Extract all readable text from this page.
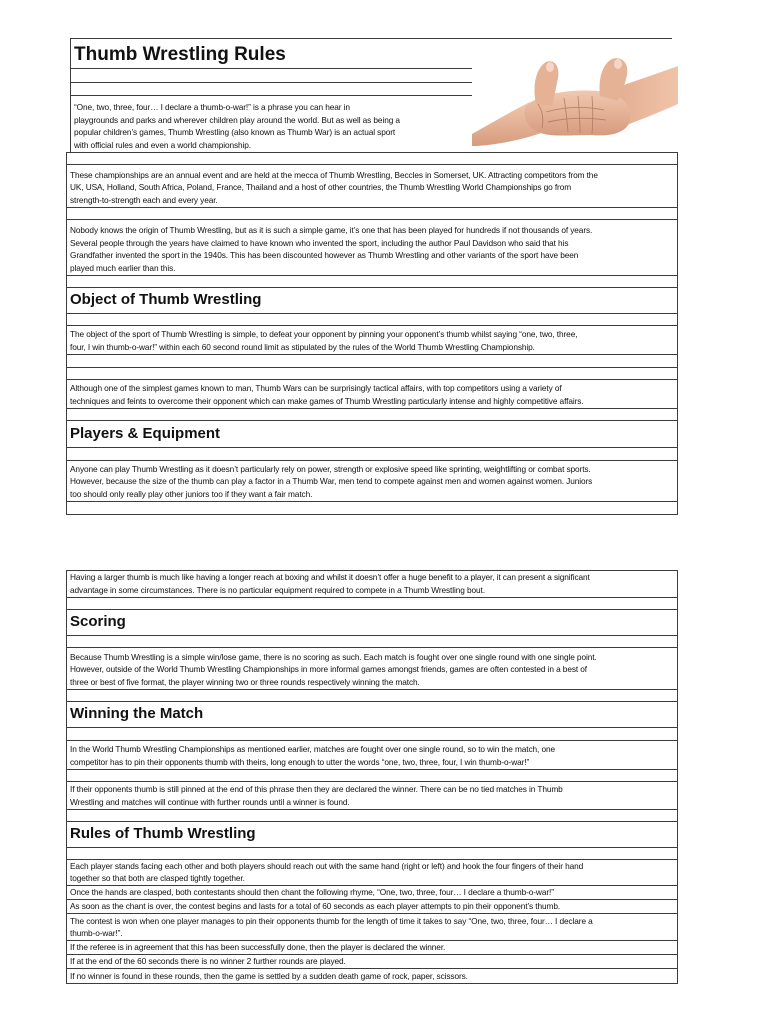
Thumb Wrestling Rules
“One, two, three, four… I declare a thumb-o-war!” is a phrase you can hear in
playgrounds and parks and wherever children play around the world. But as well as being a
popular children’s games, Thumb Wrestling (also known as Thumb War) is an actual sport
with official rules and even a world championship.
These championships are an annual event and are held at the mecca of Thumb Wrestling, Beccles in Somerset, UK. Attracting competitors from the
UK, USA, Holland, South Africa, Poland, France, Thailand and a host of other countries, the Thumb Wrestling World Championships go from
strength-to-strength each and every year.
Nobody knows the origin of Thumb Wrestling, but as it is such a simple game, it’s one that has been played for hundreds if not thousands of years.
Several people through the years have claimed to have known who invented the sport, including the author Paul Davidson who said that his
Grandfather invented the sport in the 1940s. This has been discounted however as Thumb Wrestling and other variants of the sport have been
played much earlier than this.
Object of Thumb Wrestling
The object of the sport of Thumb Wrestling is simple, to defeat your opponent by pinning your opponent’s thumb whilst saying “one, two, three,
four, I win thumb-o-war!” within each 60 second round limit as stipulated by the rules of the World Thumb Wrestling Championship.
Although one of the simplest games known to man, Thumb Wars can be surprisingly tactical affairs, with top competitors using a variety of
techniques and feints to overcome their opponent which can make games of Thumb Wrestling particularly intense and highly competitive affairs.
Players & Equipment
Anyone can play Thumb Wrestling as it doesn’t particularly rely on power, strength or explosive speed like sprinting, weightlifting or combat sports.
However, because the size of the thumb can play a factor in a Thumb War, men tend to compete against men and women against women. Juniors
too should only really play other juniors too if they want a fair match.
Having a larger thumb is much like having a longer reach at boxing and whilst it doesn’t offer a huge benefit to a player, it can present a significant
advantage in some circumstances. There is no particular equipment required to compete in a Thumb Wrestling bout.
Scoring
Because Thumb Wrestling is a simple win/lose game, there is no scoring as such. Each match is fought over one single round with one single point.
However, outside of the World Thumb Wrestling Championships in more informal games amongst friends, games are often contested in a best of
three or best of five format, the player winning two or three rounds respectively winning the match.
Winning the Match
In the World Thumb Wrestling Championships as mentioned earlier, matches are fought over one single round, so to win the match, one
competitor has to pin their opponents thumb with theirs, long enough to utter the words “one, two, three, four, I win thumb-o-war!”
If their opponents thumb is still pinned at the end of this phrase then they are declared the winner. There can be no tied matches in Thumb
Wrestling and matches will continue with further rounds until a winner is found.
Rules of Thumb Wrestling
Each player stands facing each other and both players should reach out with the same hand (right or left) and hook the four fingers of their hand
together so that both are clasped tightly together.
Once the hands are clasped, both contestants should then chant the following rhyme, “One, two, three, four… I declare a thumb-o-war!”
As soon as the chant is over, the contest begins and lasts for a total of 60 seconds as each player attempts to pin their opponent’s thumb.
The contest is won when one player manages to pin their opponents thumb for the length of time it takes to say “One, two, three, four… I declare a
thumb-o-war!”.
If the referee is in agreement that this has been successfully done, then the player is declared the winner.
If at the end of the 60 seconds there is no winner 2 further rounds are played.
If no winner is found in these rounds, then the game is settled by a sudden death game of rock, paper, scissors.
